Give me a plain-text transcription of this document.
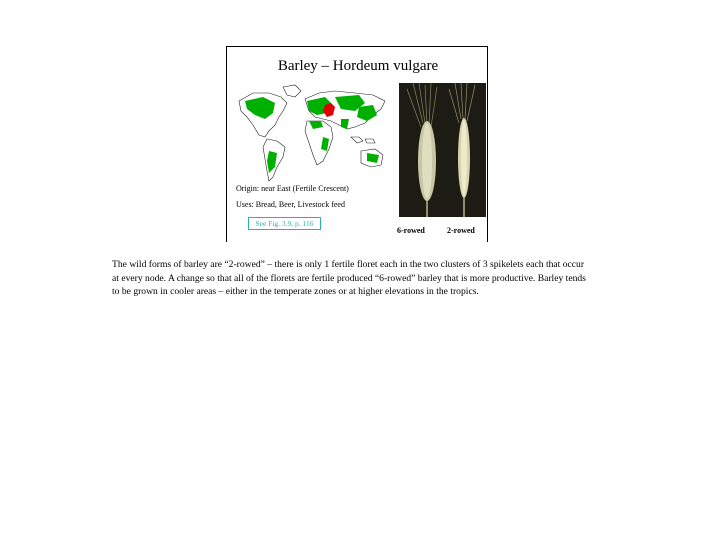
Barley – Hordeum vulgare
Origin: near East (Fertile Crescent)
Uses: Bread, Beer, Livestock feed
See Fig. 3.9, p. 116
6-rowed	2-rowed

The wild forms of barley are “2-rowed” – there is only 1 fertile floret each in the two clusters of 3 spikelets each that occur at every node. A change so that all of the florets are fertile produced “6-rowed” barley that is more productive. Barley tends to be grown in cooler areas – either in the temperate zones or at higher elevations in the tropics.
